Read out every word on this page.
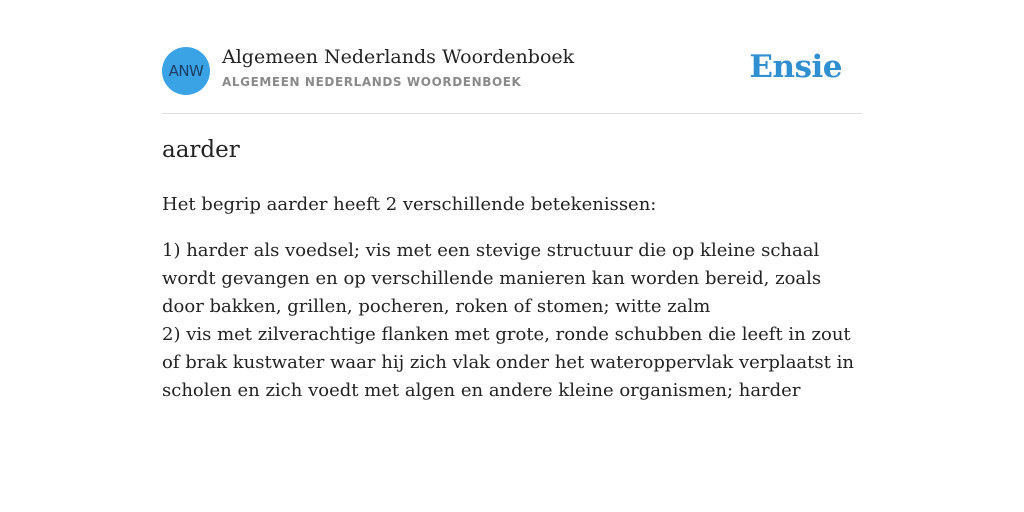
ANW
Algemeen Nederlands Woordenboek
ALGEMEEN NEDERLANDS WOORDENBOEK	Ensie
aarder

Het begrip aarder heeft 2 verschillende betekenissen:

1) harder als voedsel; vis met een stevige structuur die op kleine schaal wordt gevangen en op verschillende manieren kan worden bereid, zoals door bakken, grillen, pocheren, roken of stomen; witte zalm
2) vis met zilverachtige flanken met grote, ronde schubben die leeft in zout of brak kustwater waar hij zich vlak onder het wateroppervlak verplaatst in scholen en zich voedt met algen en andere kleine organismen; harder
